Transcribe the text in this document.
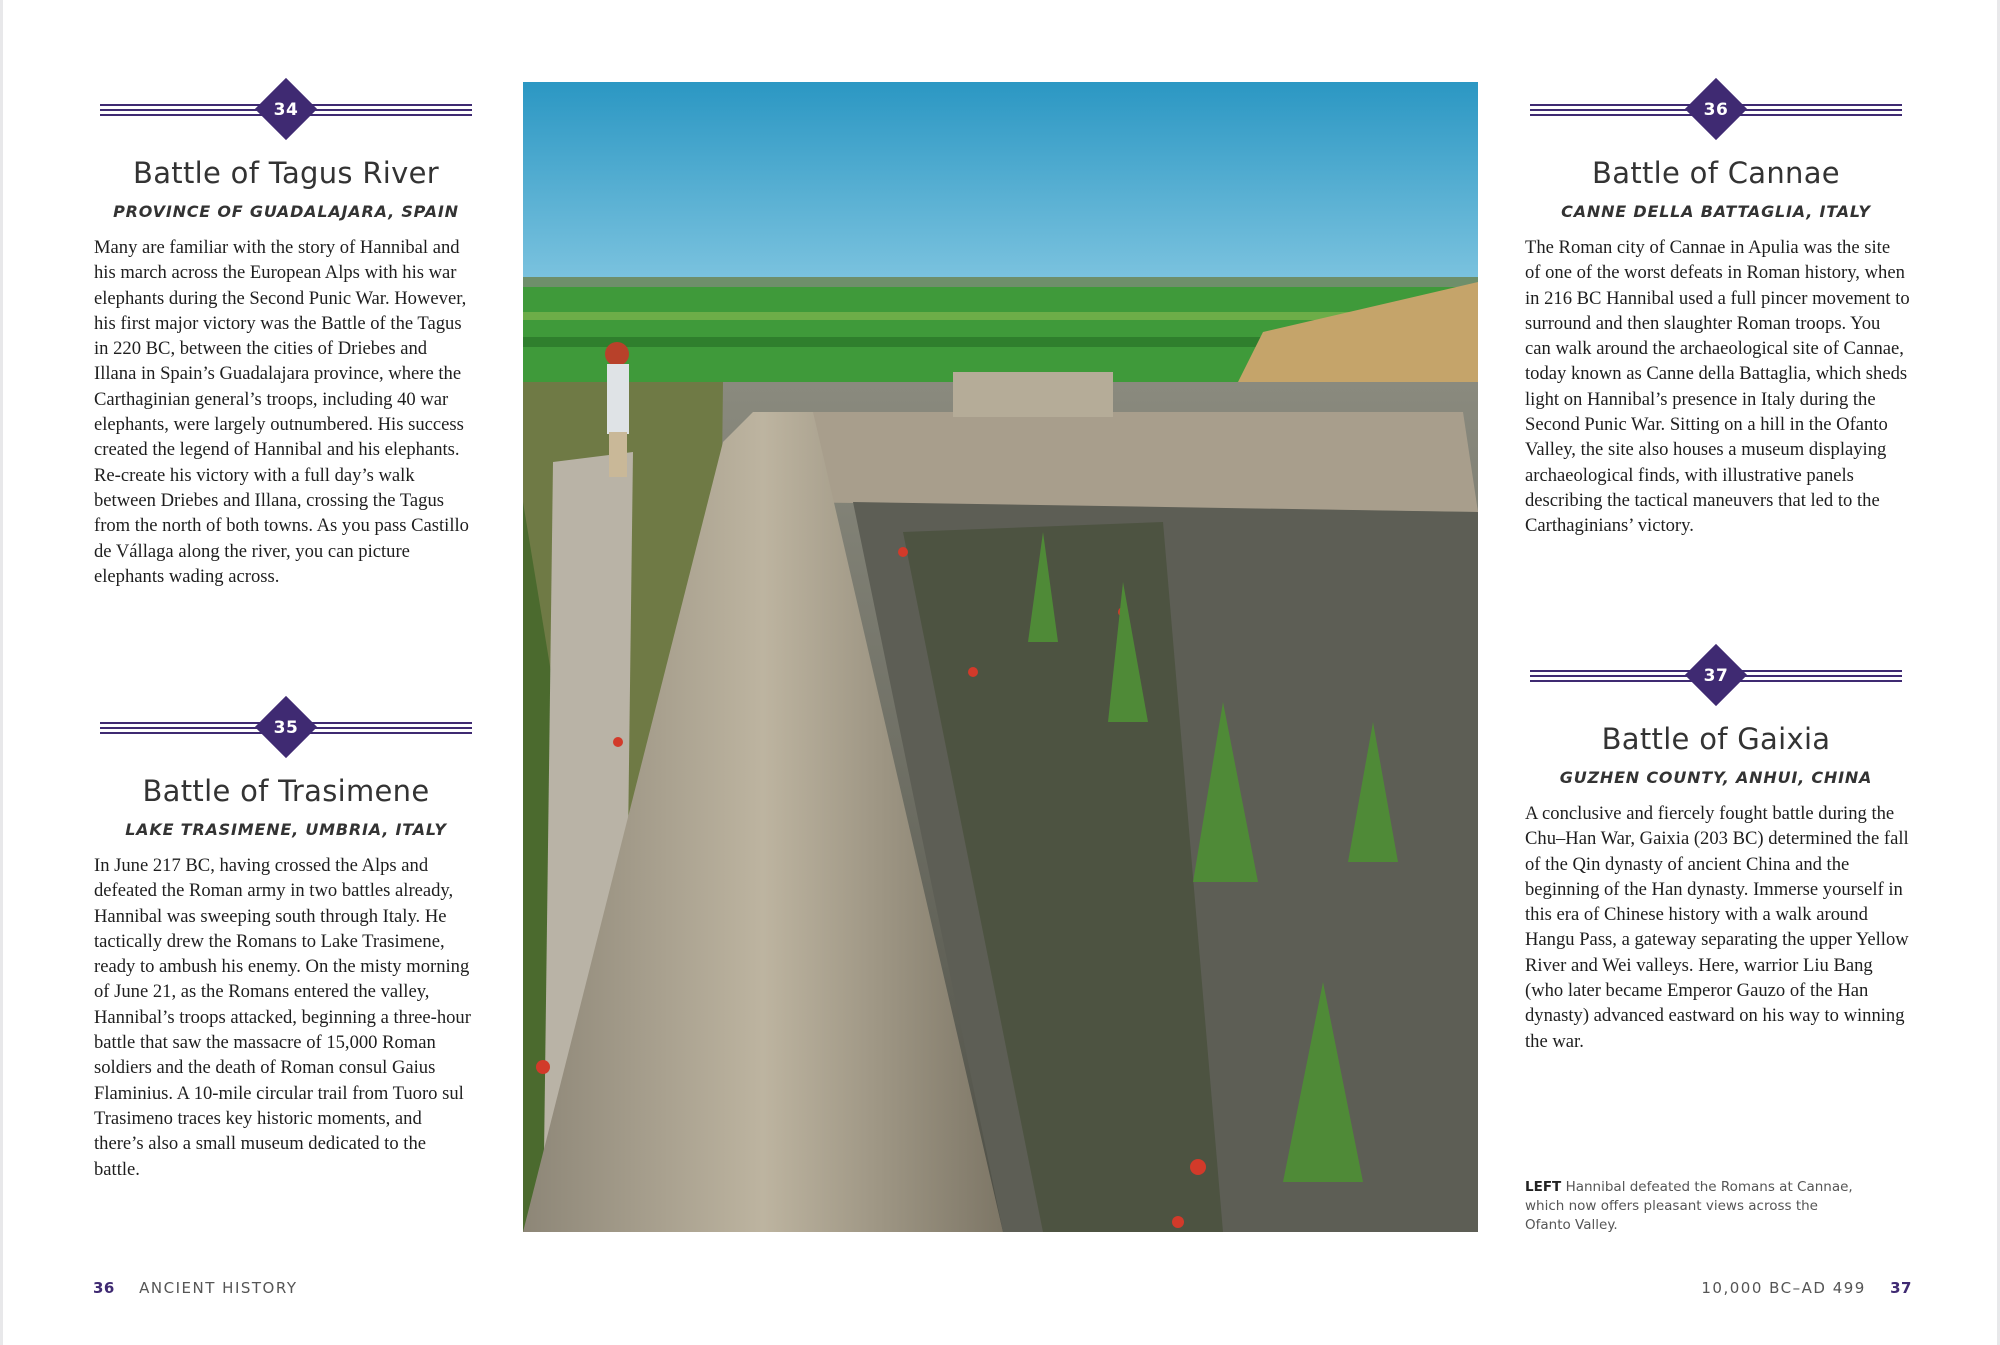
34
Battle of Tagus River
PROVINCE OF GUADALAJARA, SPAIN
Many are familiar with the story of Hannibal and his march across the European Alps with his war elephants during the Second Punic War. However, his first major victory was the Battle of the Tagus in 220 BC, between the cities of Driebes and Illana in Spain’s Guadalajara province, where the Carthaginian general’s troops, including 40 war elephants, were largely outnumbered. His success created the legend of Hannibal and his elephants. Re-create his victory with a full day’s walk between Driebes and Illana, crossing the Tagus from the north of both towns. As you pass Castillo de Vállaga along the river, you can picture elephants wading across.
35
Battle of Trasimene
LAKE TRASIMENE, UMBRIA, ITALY
In June 217 BC, having crossed the Alps and defeated the Roman army in two battles already, Hannibal was sweeping south through Italy. He tactically drew the Romans to Lake Trasimene, ready to ambush his enemy. On the misty morning of June 21, as the Romans entered the valley, Hannibal’s troops attacked, beginning a three-hour battle that saw the massacre of 15,000 Roman soldiers and the death of Roman consul Gaius Flaminius. A 10-mile circular trail from Tuoro sul Trasimeno traces key historic moments, and there’s also a small museum dedicated to the battle.
36
Battle of Cannae
CANNE DELLA BATTAGLIA, ITALY
The Roman city of Cannae in Apulia was the site of one of the worst defeats in Roman history, when in 216 BC Hannibal used a full pincer movement to surround and then slaughter Roman troops. You can walk around the archaeological site of Cannae, today known as Canne della Battaglia, which sheds light on Hannibal’s presence in Italy during the Second Punic War. Sitting on a hill in the Ofanto Valley, the site also houses a museum displaying archaeological finds, with illustrative panels describing the tactical maneuvers that led to the Carthaginians’ victory.
37
Battle of Gaixia
GUZHEN COUNTY, ANHUI, CHINA
A conclusive and fiercely fought battle during the Chu–Han War, Gaixia (203 BC) determined the fall of the Qin dynasty of ancient China and the beginning of the Han dynasty. Immerse yourself in this era of Chinese history with a walk around Hangu Pass, a gateway separating the upper Yellow River and Wei valleys. Here, warrior Liu Bang (who later became Emperor Gauzo of the Han dynasty) advanced eastward on his way to winning the war.
LEFT Hannibal defeated the Romans at Cannae, which now offers pleasant views across the Ofanto Valley.
36 ANCIENT HISTORY	10,000 BC–AD 499 37
